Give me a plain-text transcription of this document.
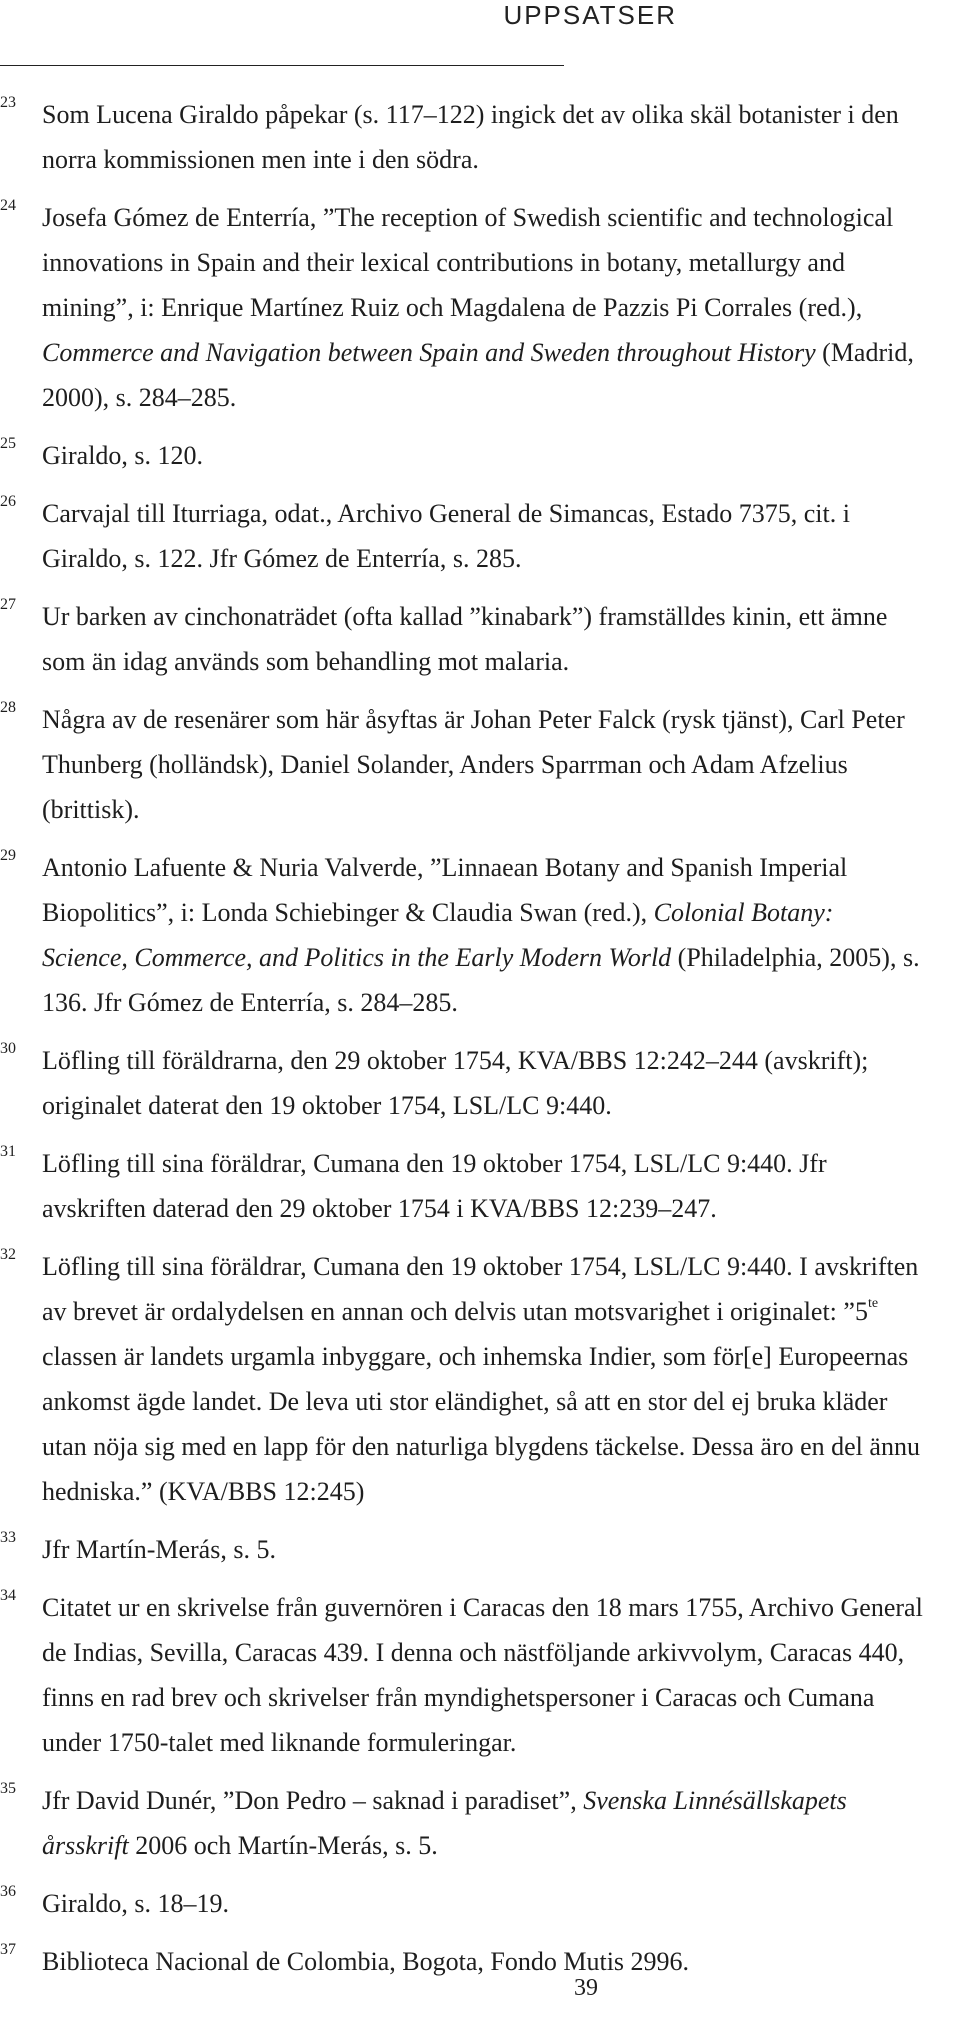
UPPSATSER
23 Som Lucena Giraldo påpekar (s. 117–122) ingick det av olika skäl botanister i den norra kommissionen men inte i den södra.
24 Josefa Gómez de Enterría, ”The reception of Swedish scientific and technological innovations in Spain and their lexical contributions in botany, metallurgy and mining”, i: Enrique Martínez Ruiz och Magdalena de Pazzis Pi Corrales (red.), Commerce and Navigation between Spain and Sweden throughout History (Madrid, 2000), s. 284–285.
25 Giraldo, s. 120.
26 Carvajal till Iturriaga, odat., Archivo General de Simancas, Estado 7375, cit. i Giraldo, s. 122. Jfr Gómez de Enterría, s. 285.
27 Ur barken av cinchonaträdet (ofta kallad ”kinabark”) framställdes kinin, ett ämne som än idag används som behandling mot malaria.
28 Några av de resenärer som här åsyftas är Johan Peter Falck (rysk tjänst), Carl Peter Thunberg (holländsk), Daniel Solander, Anders Sparrman och Adam Afzelius (brittisk).
29 Antonio Lafuente & Nuria Valverde, ”Linnaean Botany and Spanish Imperial Biopolitics”, i: Londa Schiebinger & Claudia Swan (red.), Colonial Botany: Science, Commerce, and Politics in the Early Modern World (Philadelphia, 2005), s. 136. Jfr Gómez de Enterría, s. 284–285.
30 Löfling till föräldrarna, den 29 oktober 1754, KVA/BBS 12:242–244 (avskrift); originalet daterat den 19 oktober 1754, LSL/LC 9:440.
31 Löfling till sina föräldrar, Cumana den 19 oktober 1754, LSL/LC 9:440. Jfr avskriften daterad den 29 oktober 1754 i KVA/BBS 12:239–247.
32 Löfling till sina föräldrar, Cumana den 19 oktober 1754, LSL/LC 9:440. I avskriften av brevet är ordalydelsen en annan och delvis utan motsvarighet i originalet: $”5^{te}$ classen är landets urgamla inbyggare, och inhemska Indier, som för[e] Europeernas ankomst ägde landet. De leva uti stor eländighet, så att en stor del ej bruka kläder utan nöja sig med en lapp för den naturliga blygdens täckelse. Dessa äro en del ännu hedniska.” (KVA/BBS 12:245)
33 Jfr Martín-Merás, s. 5.
34 Citatet ur en skrivelse från guvernören i Caracas den 18 mars 1755, Archivo General de Indias, Sevilla, Caracas 439. I denna och nästföljande arkivvolym, Caracas 440, finns en rad brev och skrivelser från myndighetspersoner i Caracas och Cumana under 1750-talet med liknande formuleringar.
35 Jfr David Dunér, ”Don Pedro – saknad i paradiset”, Svenska Linnésällskapets årsskrift 2006 och Martín-Merás, s. 5.
36 Giraldo, s. 18–19.
37 Biblioteca Nacional de Colombia, Bogota, Fondo Mutis 2996.
39
